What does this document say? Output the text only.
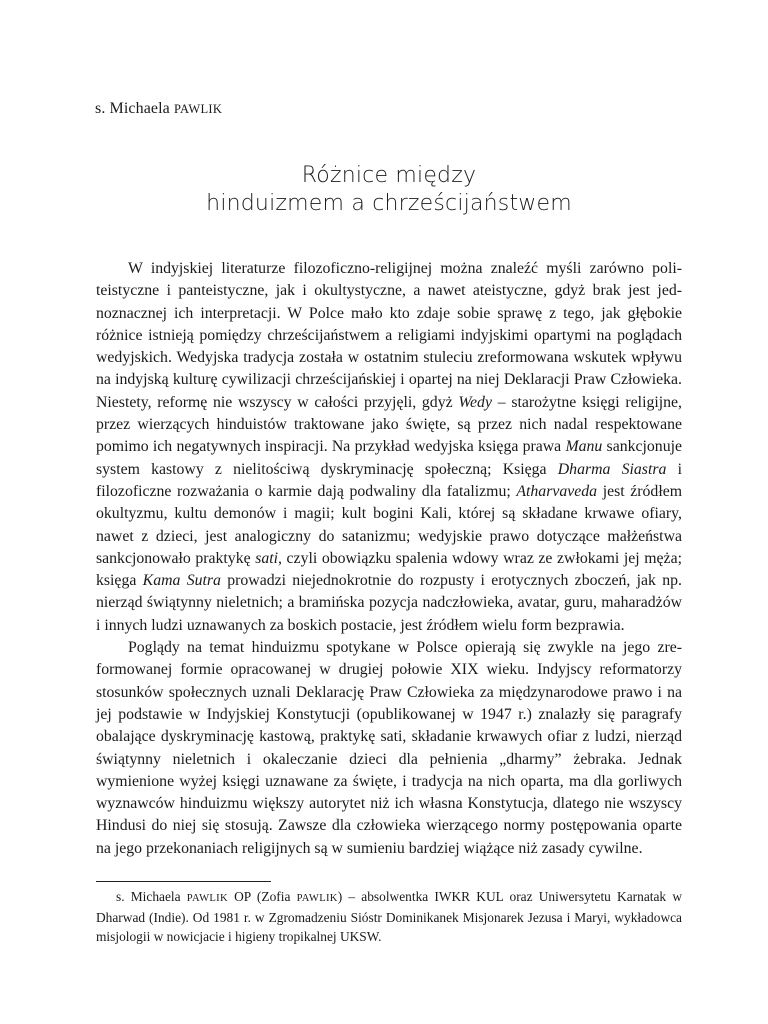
s. Michaela PAWLIK
Różnice między
hinduizmem a chrześcijaństwem

W indyjskiej literaturze filozoficzno-religijnej można znaleźć myśli zarówno politeistyczne i panteistyczne, jak i okultystyczne, a nawet ateistyczne, gdyż brak jest jednoznacznej ich interpretacji. W Polce mało kto zdaje sobie sprawę z tego, jak głębokie różnice istnieją pomiędzy chrześcijaństwem a religiami indyjskimi opartymi na poglądach wedyjskich. Wedyjska tradycja została w ostatnim stuleciu zreformowana wskutek wpływu na indyjską kulturę cywilizacji chrześcijańskiej i opartej na niej Deklaracji Praw Człowieka. Niestety, reformę nie wszyscy w całości przyjęli, gdyż Wedy – starożytne księgi religijne, przez wierzących hinduistów traktowane jako święte, są przez nich nadal respektowane pomimo ich negatywnych inspiracji. Na przykład wedyjska księga prawa Manu sankcjonuje system kastowy z nielitościwą dyskryminację społeczną; Księga Dharma Siastra i filozoficzne rozważania o karmie dają podwaliny dla fatalizmu; Atharvaveda jest źródłem okultyzmu, kultu demonów i magii; kult bogini Kali, której są składane krwawe ofiary, nawet z dzieci, jest analogiczny do satanizmu; wedyjskie prawo dotyczące małżeństwa sankcjonowało praktykę sati, czyli obowiązku spalenia wdowy wraz ze zwłokami jej męża; księga Kama Sutra prowadzi niejednokrotnie do rozpusty i erotycznych zboczeń, jak np. nierząd świątynny nieletnich; a bramińska pozycja nadczłowieka, avatar, guru, maharadżów i innych ludzi uznawanych za boskich postacie, jest źródłem wielu form bezprawia.

Poglądy na temat hinduizmu spotykane w Polsce opierają się zwykle na jego zreformowanej formie opracowanej w drugiej połowie XIX wieku. Indyjscy reformatorzy stosunków społecznych uznali Deklarację Praw Człowieka za międzynarodowe prawo i na jej podstawie w Indyjskiej Konstytucji (opublikowanej w 1947 r.) znalazły się paragrafy obalające dyskryminację kastową, praktykę sati, składanie krwawych ofiar z ludzi, nierząd świątynny nieletnich i okaleczanie dzieci dla pełnienia „dharmy” żebraka. Jednak wymienione wyżej księgi uznawane za święte, i tradycja na nich oparta, ma dla gorliwych wyznawców hinduizmu większy autorytet niż ich własna Konstytucja, dlatego nie wszyscy Hindusi do niej się stosują. Zawsze dla człowieka wierzącego normy postępowania oparte na jego przekonaniach religijnych są w sumieniu bardziej wiążące niż zasady cywilne.

s. Michaela PAWLIK OP (Zofia PAWLIK) – absolwentka IWKR KUL oraz Uniwersytetu Karnatak w Dharwad (Indie). Od 1981 r. w Zgromadzeniu Sióstr Dominikanek Misjonarek Jezusa i Maryi, wykładowca misjologii w nowicjacie i higieny tropikalnej UKSW.
